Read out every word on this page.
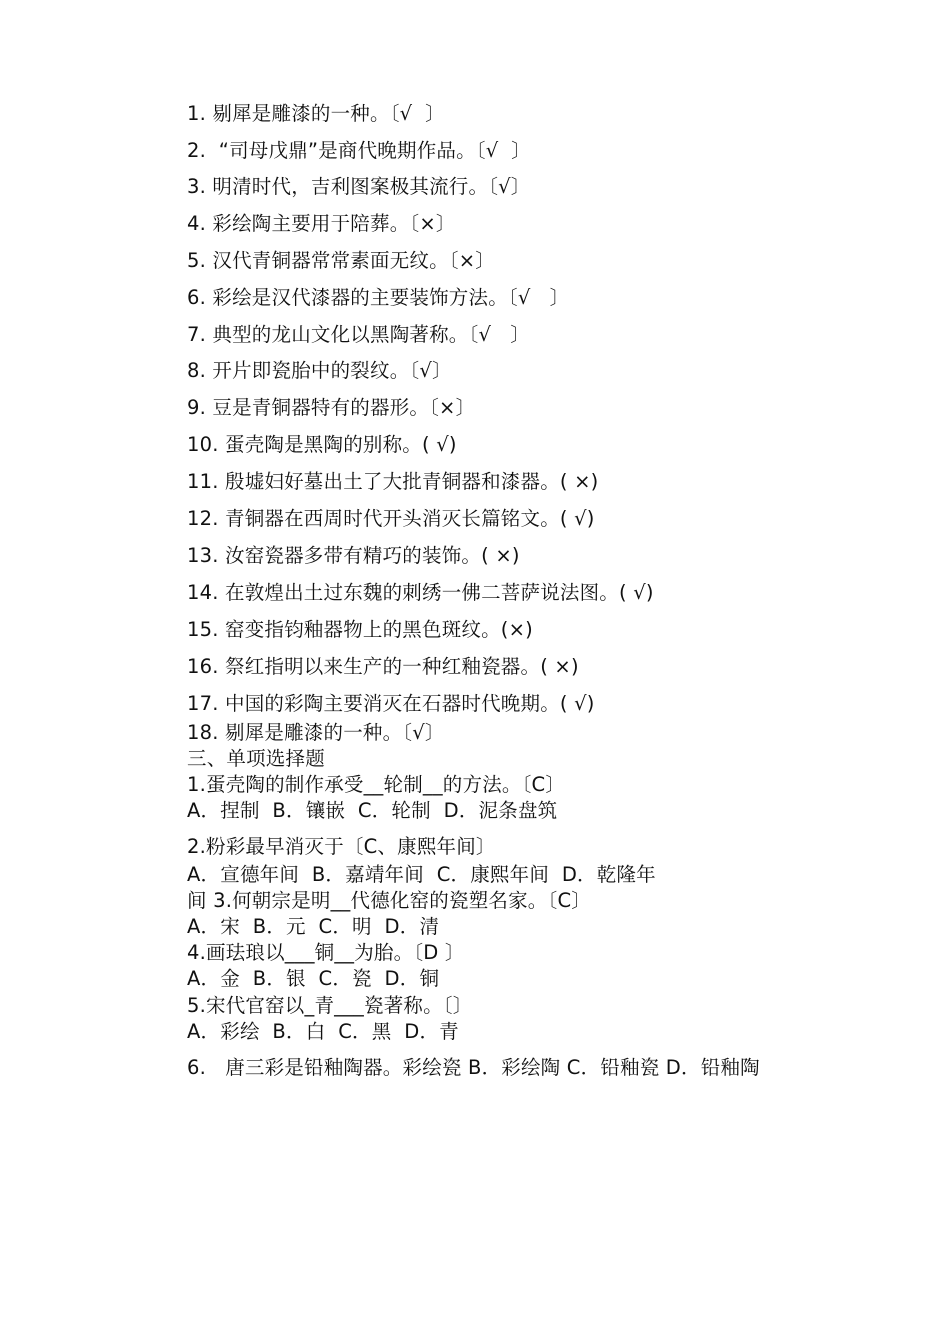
1. 剔犀是雕漆的一种。〔√  〕
2.  “司母戊鼎”是商代晚期作品。〔√  〕
3. 明清时代，吉利图案极其流行。〔√〕
4. 彩绘陶主要用于陪葬。〔×〕
5. 汉代青铜器常常素面无纹。〔×〕
6. 彩绘是汉代漆器的主要装饰方法。〔√   〕
7. 典型的龙山文化以黑陶著称。〔√   〕
8. 开片即瓷胎中的裂纹。〔√〕
9. 豆是青铜器特有的器形。〔×〕
10. 蛋壳陶是黑陶的别称。( √)
11. 殷墟妇好墓出土了大批青铜器和漆器。( ×)
12. 青铜器在西周时代开头消灭长篇铭文。( √)
13. 汝窑瓷器多带有精巧的装饰。( ×)
14. 在敦煌出土过东魏的刺绣一佛二菩萨说法图。( √)
15. 窑变指钧釉器物上的黑色斑纹。(×)
16. 祭红指明以来生产的一种红釉瓷器。( ×)
17. 中国的彩陶主要消灭在石器时代晚期。( √)
18. 剔犀是雕漆的一种。〔√〕
三、单项选择题
1.蛋壳陶的制作承受__轮制__的方法。〔C〕
A．捏制  B．镶嵌  C．轮制  D．泥条盘筑
2.粉彩最早消灭于〔C、康熙年间〕
A．宣德年间  B．嘉靖年间  C．康熙年间  D．乾隆年
间 3.何朝宗是明__代德化窑的瓷塑名家。〔C〕
A．宋  B．元  C．明  D．清
4.画珐琅以___铜__为胎。〔D 〕
A．金  B．银  C．瓷  D．铜
5.宋代官窑以_青___瓷著称。〔〕
A．彩绘  B．白  C．黑  D．青
6.   唐三彩是铅釉陶器。彩绘瓷 B．彩绘陶 C．铅釉瓷 D．铅釉陶
